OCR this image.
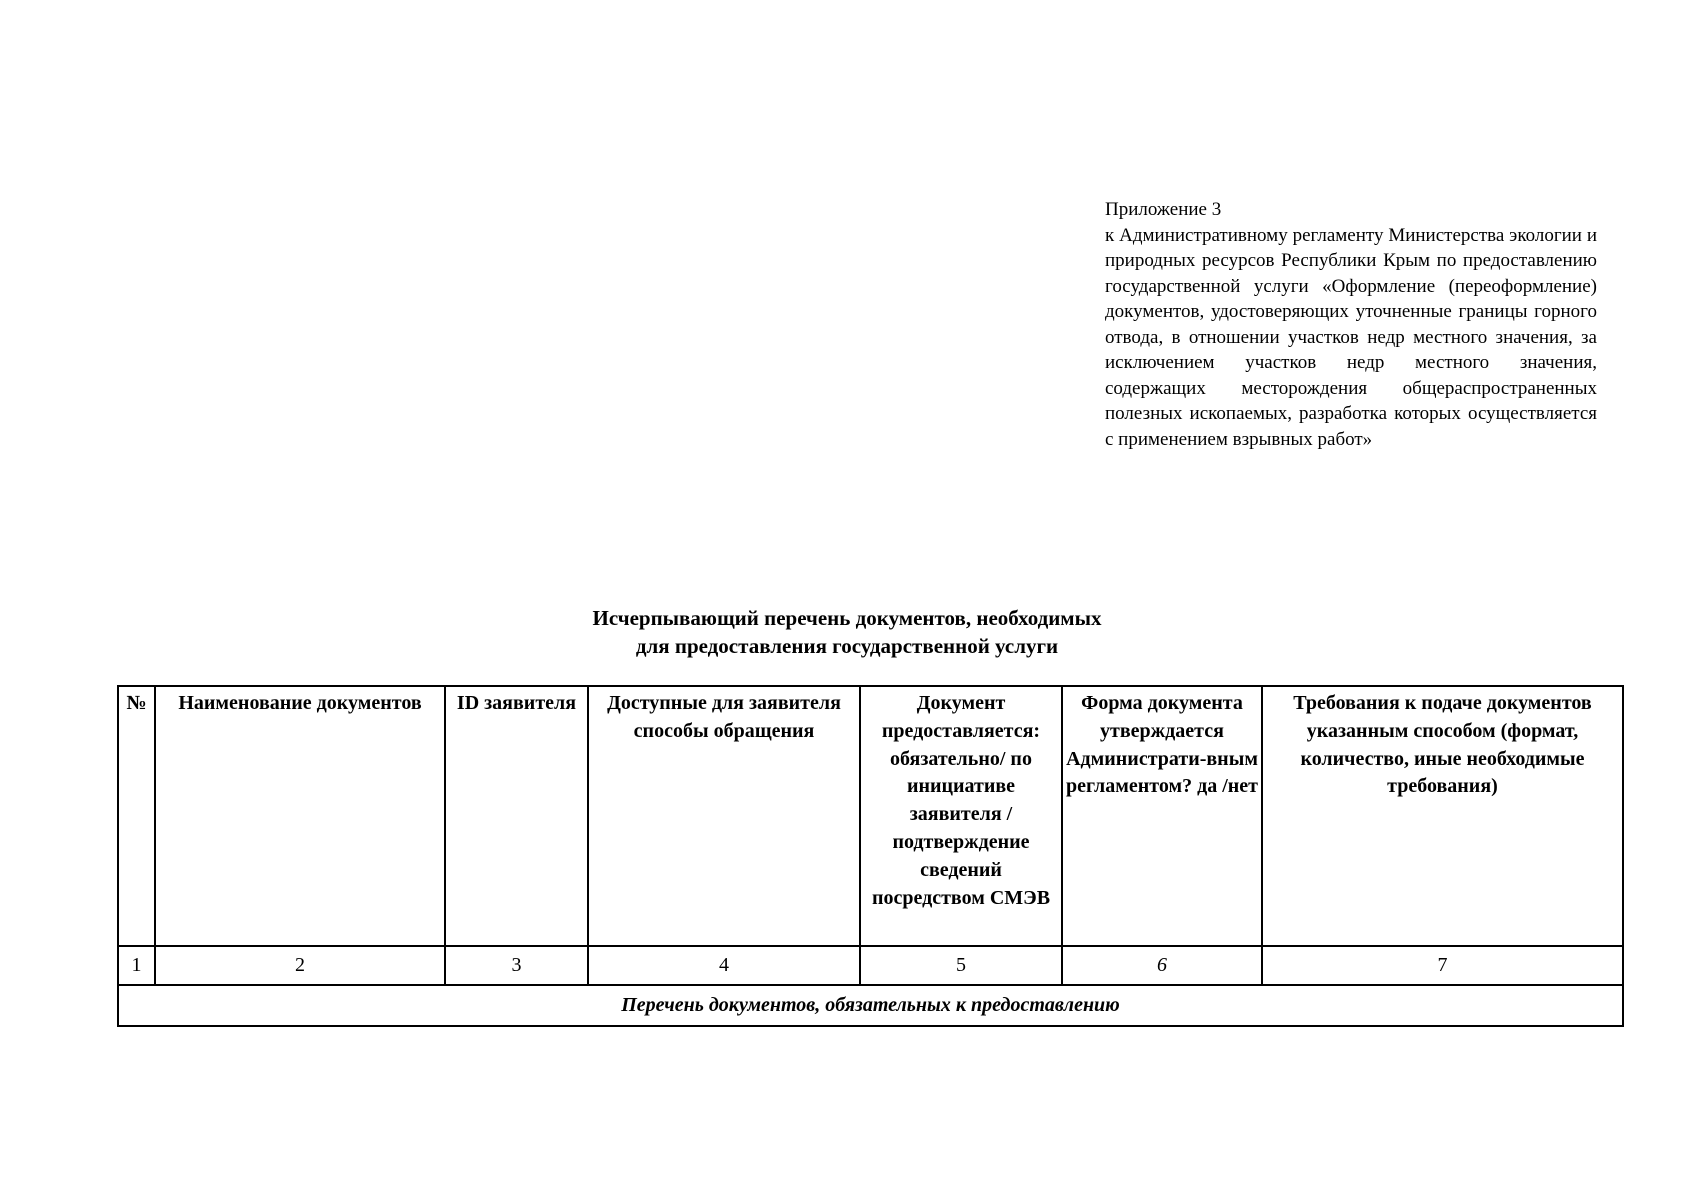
Приложение 3
к Административному регламенту Министерства экологии и природных ресурсов Республики Крым по предоставлению государственной услуги «Оформление (переоформление) документов, удостоверяющих уточненные границы горного отвода, в отношении участков недр местного значения, за исключением участков недр местного значения, содержащих месторождения общераспространенных полезных ископаемых, разработка которых осуществляется с применением взрывных работ»
Исчерпывающий перечень документов, необходимых
для предоставления государственной услуги
№	Наименование документов	ID заявителя	Доступные для заявителя способы обращения	Документ предоставляется: обязательно/ по инициативе заявителя / подтверждение сведений посредством СМЭВ	Форма документа утверждается Администрати-вным регламентом? да /нет	Требования к подаче документов указанным способом (формат, количество, иные необходимые требования)
1	2	3	4	5	6	7
Перечень документов, обязательных к предоставлению						
